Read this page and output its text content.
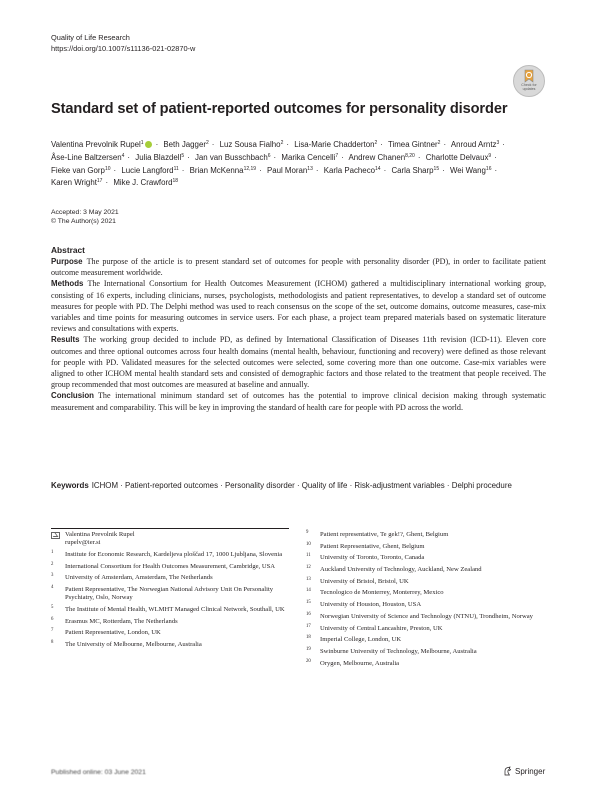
Quality of Life Research
https://doi.org/10.1007/s11136-021-02870-w
Check for
updates
Standard set of patient-reported outcomes for personality disorder
Valentina Prevolnik Rupel$^1$ · Beth Jagger$^2$ · Luz Sousa Fialho$^2$ · Lisa-Marie Chadderton$^2$ · Timea Gintner$^2$ · Anroud Arntz$^3$ · Åse-Line Baltzersen$^4$ · Julia Blazdell$^5$ · Jan van Busschbach$^6$ · Marika Cencelli$^7$ · Andrew Chanen$^{8,20}$ · Charlotte Delvaux$^9$ · Fieke van Gorp$^{10}$ · Lucie Langford$^{11}$ · Brian McKenna$^{12,19}$ · Paul Moran$^{13}$ · Karla Pacheco$^{14}$ · Carla Sharp$^{15}$ · Wei Wang$^{16}$ · Karen Wright$^{17}$ · Mike J. Crawford$^{18}$
Accepted: 3 May 2021
© The Author(s) 2021
Abstract

Purpose The purpose of the article is to present standard set of outcomes for people with personality disorder (PD), in order to facilitate patient outcome measurement worldwide.

Methods The International Consortium for Health Outcomes Measurement (ICHOM) gathered a multidisciplinary international working group, consisting of 16 experts, including clinicians, nurses, psychologists, methodologists and patient representatives, to develop a standard set of outcome measures for people with PD. The Delphi method was used to reach consensus on the scope of the set, outcome domains, outcome measures, case-mix variables and time points for measuring outcomes in service users. For each phase, a project team prepared materials based on systematic literature reviews and consultations with experts.

Results The working group decided to include PD, as defined by International Classification of Diseases 11th revision (ICD-11). Eleven core outcomes and three optional outcomes across four health domains (mental health, behaviour, functioning and recovery) were defined as those relevant for people with PD. Validated measures for the selected outcomes were selected, some covering more than one outcome. Case-mix variables were aligned to other ICHOM mental health standard sets and consisted of demographic factors and those related to the treatment that people received. The group recommended that most outcomes are measured at baseline and annually.

Conclusion The international minimum standard set of outcomes has the potential to improve clinical decision making through systematic measurement and comparability. This will be key in improving the standard of health care for people with PD across the world.

Keywords ICHOM · Patient-reported outcomes · Personality disorder · Quality of life · Risk-adjustment variables · Delphi procedure
Valentina Prevolnik Rupel
rupelv@ier.si
1 Institute for Economic Research, Kardeljeva ploščad 17, 1000 Ljubljana, Slovenia
2 International Consortium for Health Outcomes Measurement, Cambridge, USA
3 University of Amsterdam, Amsterdam, The Netherlands
4 Patient Representative, The Norwegian National Advisory Unit On Personality Psychiatry, Oslo, Norway
5 The Institute of Mental Health, WLMHT Managed Clinical Network, Southall, UK
6 Erasmus MC, Rotterdam, The Netherlands
7 Patient Representative, London, UK
8 The University of Melbourne, Melbourne, Australia
9 Patient representative, Te gek!?, Ghent, Belgium
10 Patient Representative, Ghent, Belgium
11 University of Toronto, Toronto, Canada
12 Auckland University of Technology, Auckland, New Zealand
13 University of Bristol, Bristol, UK
14 Tecnologico de Monterrey, Monterrey, Mexico
15 University of Houston, Houston, USA
16 Norwegian University of Science and Technology (NTNU), Trondheim, Norway
17 University of Central Lancashire, Preston, UK
18 Imperial College, London, UK
19 Swinburne University of Technology, Melbourne, Australia
20 Orygen, Melbourne, Australia
Published online: 03 June 2021	Springer
